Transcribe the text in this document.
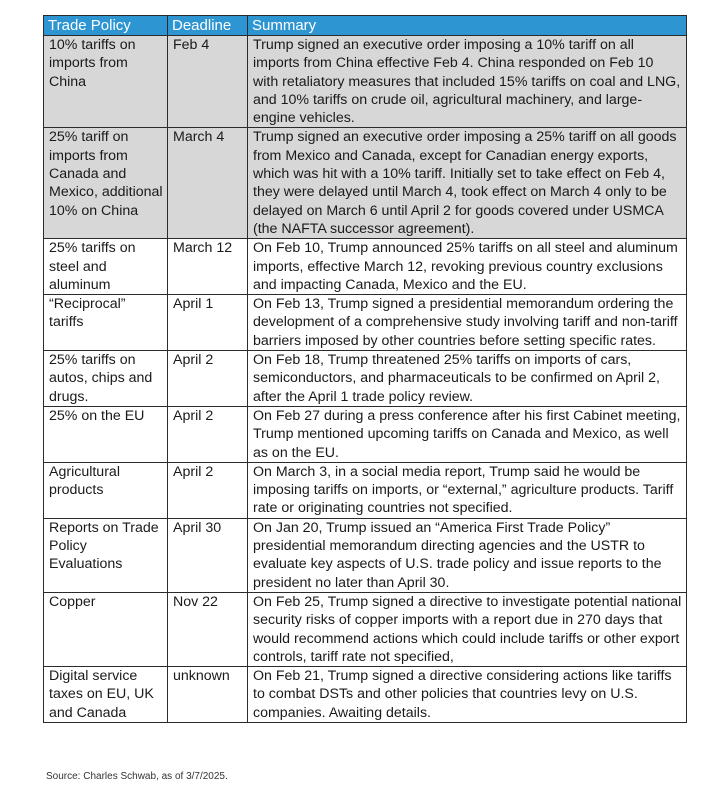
Trade Policy	Deadline	Summary
10% tariffs on imports from China	Feb 4	Trump signed an executive order imposing a 10% tariff on all imports from China effective Feb 4. China responded on Feb 10 with retaliatory measures that included 15% tariffs on coal and LNG, and 10% tariffs on crude oil, agricultural machinery, and large-engine vehicles.
25% tariff on imports from Canada and Mexico, additional 10% on China	March 4	Trump signed an executive order imposing a 25% tariff on all goods from Mexico and Canada, except for Canadian energy exports, which was hit with a 10% tariff. Initially set to take effect on Feb 4, they were delayed until March 4, took effect on March 4 only to be delayed on March 6 until April 2 for goods covered under USMCA (the NAFTA successor agreement).
25% tariffs on steel and aluminum	March 12	On Feb 10, Trump announced 25% tariffs on all steel and aluminum imports, effective March 12, revoking previous country exclusions and impacting Canada, Mexico and the EU.
“Reciprocal” tariffs	April 1	On Feb 13, Trump signed a presidential memorandum ordering the development of a comprehensive study involving tariff and non-tariff barriers imposed by other countries before setting specific rates.
25% tariffs on autos, chips and drugs.	April 2	On Feb 18, Trump threatened 25% tariffs on imports of cars, semiconductors, and pharmaceuticals to be confirmed on April 2, after the April 1 trade policy review.
25% on the EU	April 2	On Feb 27 during a press conference after his first Cabinet meeting, Trump mentioned upcoming tariffs on Canada and Mexico, as well as on the EU.
Agricultural products	April 2	On March 3, in a social media report, Trump said he would be imposing tariffs on imports, or “external,” agriculture products. Tariff rate or originating countries not specified.
Reports on Trade Policy Evaluations	April 30	On Jan 20, Trump issued an “America First Trade Policy” presidential memorandum directing agencies and the USTR to evaluate key aspects of U.S. trade policy and issue reports to the president no later than April 30.
Copper	Nov 22	On Feb 25, Trump signed a directive to investigate potential national security risks of copper imports with a report due in 270 days that would recommend actions which could include tariffs or other export controls, tariff rate not specified,
Digital service taxes on EU, UK and Canada	unknown	On Feb 21, Trump signed a directive considering actions like tariffs to combat DSTs and other policies that countries levy on U.S. companies. Awaiting details.
Source: Charles Schwab, as of 3/7/2025.
